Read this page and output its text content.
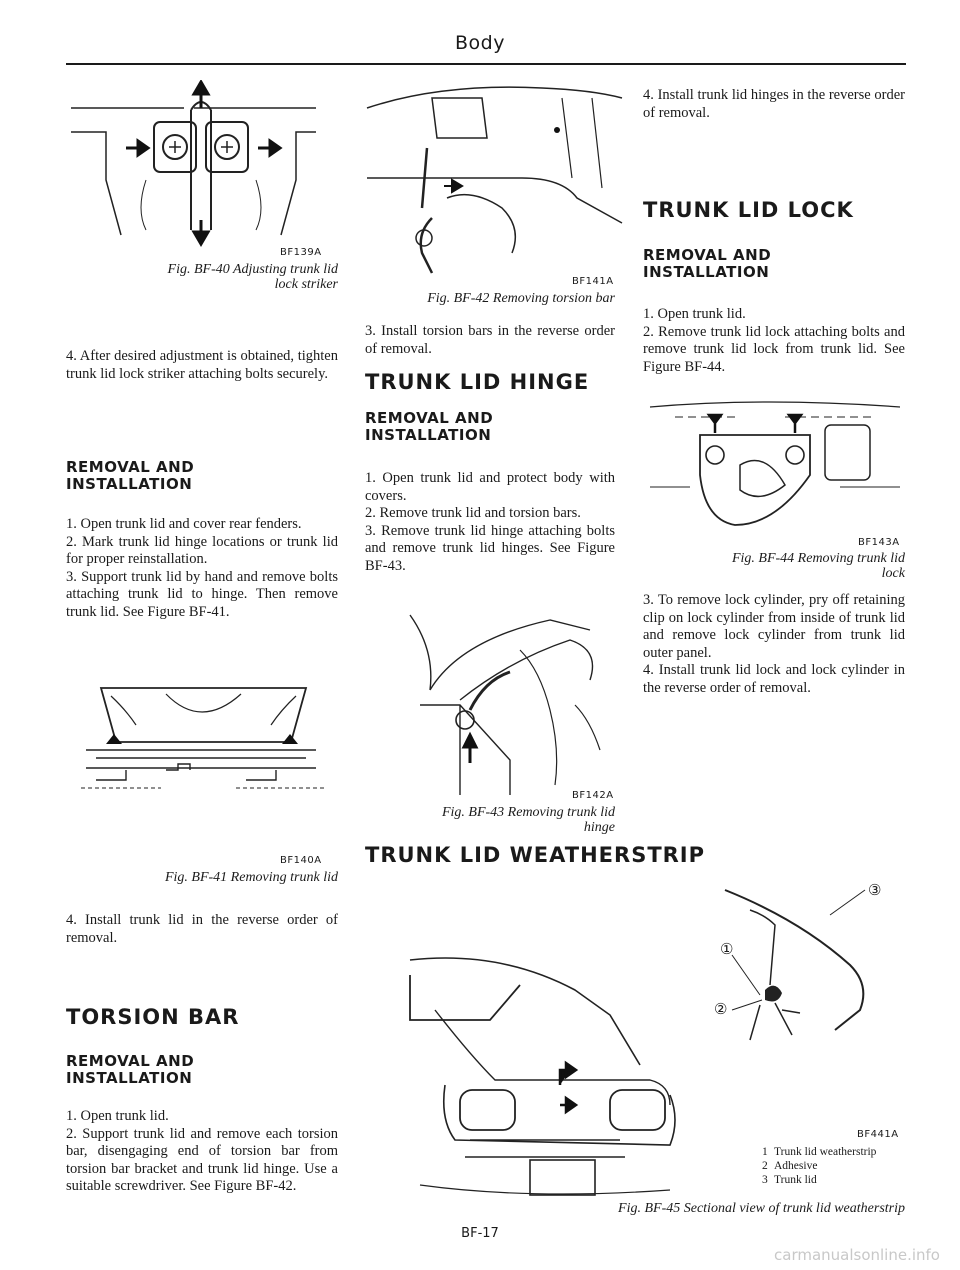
Body
BF139A
Fig. BF-40 Adjusting trunk lid
lock striker

4. After desired adjustment is obtained, tighten trunk lid lock striker attaching bolts securely.

REMOVAL AND INSTALLATION
1. Open trunk lid and cover rear fenders.
2. Mark trunk lid hinge locations or trunk lid for proper reinstallation.
3. Support trunk lid by hand and remove bolts attaching trunk lid to hinge. Then remove trunk lid. See Figure BF-41.
BF140A
Fig. BF-41 Removing trunk lid

4. Install trunk lid in the reverse order of removal.

TORSION BAR
REMOVAL AND INSTALLATION
1. Open trunk lid.
2. Support trunk lid and remove each torsion bar, disengaging end of torsion bar from torsion bar bracket and trunk lid hinge. Use a suitable screwdriver. See Figure BF-42.
BF141A
Fig. BF-42 Removing torsion bar

3. Install torsion bars in the reverse order of removal.

TRUNK LID HINGE
REMOVAL AND INSTALLATION
1. Open trunk lid and protect body with covers.
2. Remove trunk lid and torsion bars.
3. Remove trunk lid hinge attaching bolts and remove trunk lid hinges. See Figure BF-43.
BF142A
Fig. BF-43 Removing trunk lid
hinge

4. Install trunk lid hinges in the reverse order of removal.

TRUNK LID LOCK
REMOVAL AND INSTALLATION
1. Open trunk lid.
2. Remove trunk lid lock attaching bolts and remove trunk lid lock from trunk lid. See Figure BF-44.
BF143A
Fig. BF-44 Removing trunk lid
lock
3. To remove lock cylinder, pry off retaining clip on lock cylinder from inside of trunk lid and remove lock cylinder from trunk lid outer panel.
4. Install trunk lid lock and lock cylinder in the reverse order of removal.
TRUNK LID WEATHERSTRIP
①
②
③
BF441A
1 Trunk lid weatherstrip
2 Adhesive
3 Trunk lid
Fig. BF-45 Sectional view of trunk lid weatherstrip
BF-17
carmanualsonline.info
